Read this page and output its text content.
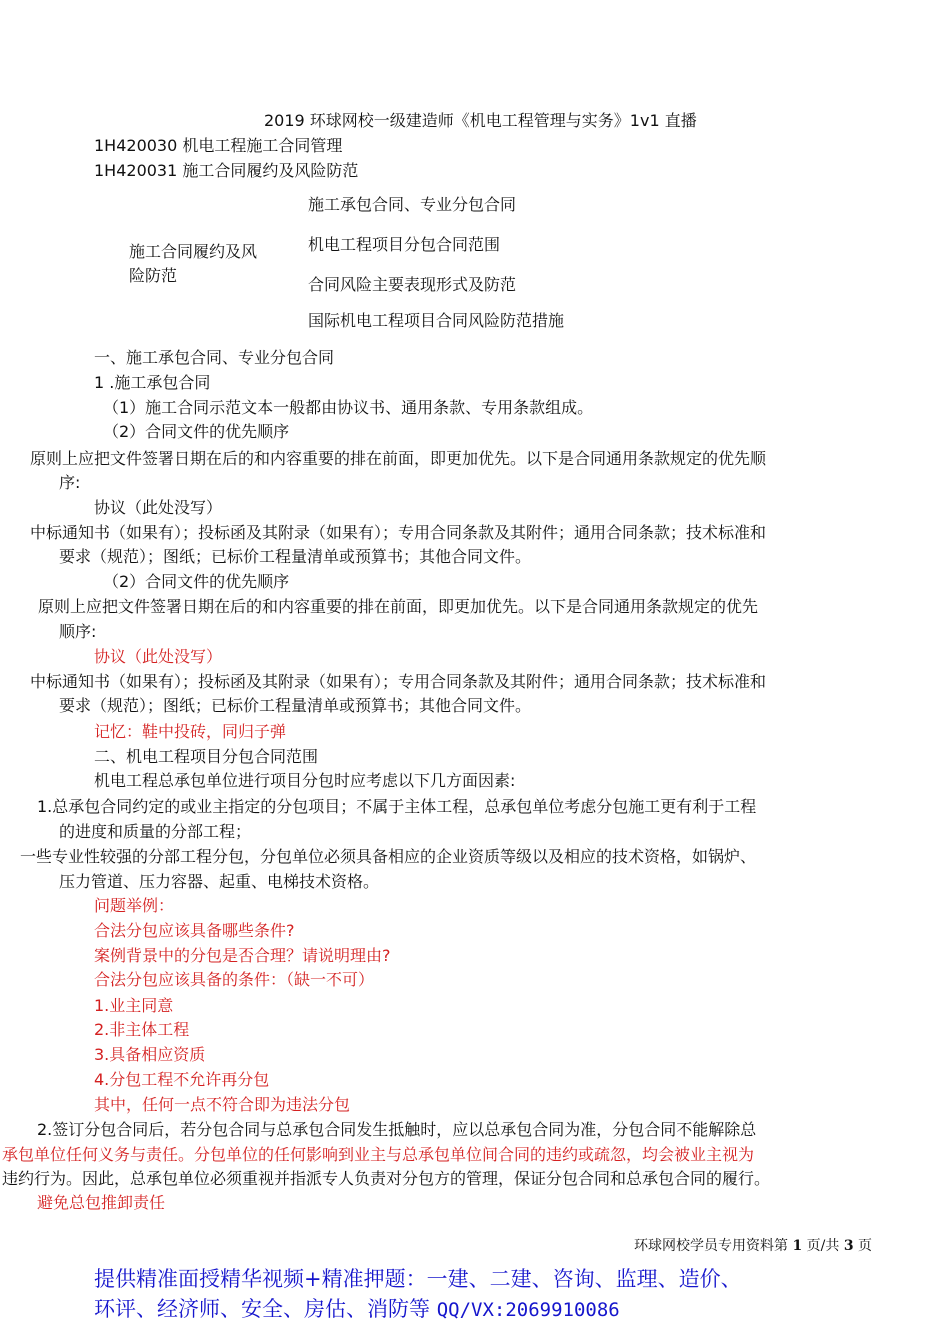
2019 环球网校一级建造师《机电工程管理与实务》1v1 直播
1H420030 机电工程施工合同管理
1H420031 施工合同履约及风险防范
施工合同履约及风
险防范
施工承包合同、专业分包合同
机电工程项目分包合同范围
合同风险主要表现形式及防范
国际机电工程项目合同风险防范措施
一、施工承包合同、专业分包合同
1 .施工承包合同
（1）施工合同示范文本一般都由协议书、通用条款、专用条款组成。
（2）合同文件的优先顺序
原则上应把文件签署日期在后的和内容重要的排在前面，即更加优先。以下是合同通用条款规定的优先顺
序:
协议（此处没写）
中标通知书（如果有）；投标函及其附录（如果有）；专用合同条款及其附件；通用合同条款；技术标准和
要求（规范）；图纸；已标价工程量清单或预算书；其他合同文件。
（2）合同文件的优先顺序
原则上应把文件签署日期在后的和内容重要的排在前面，即更加优先。以下是合同通用条款规定的优先
顺序:
协议（此处没写）
中标通知书（如果有）；投标函及其附录（如果有）；专用合同条款及其附件；通用合同条款；技术标准和
要求（规范）；图纸；已标价工程量清单或预算书；其他合同文件。
记忆：鞋中投砖，同归子弹
二、机电工程项目分包合同范围
机电工程总承包单位进行项目分包时应考虑以下几方面因素:
1.总承包合同约定的或业主指定的分包项目；不属于主体工程，总承包单位考虑分包施工更有利于工程
的进度和质量的分部工程；
一些专业性较强的分部工程分包，分包单位必须具备相应的企业资质等级以及相应的技术资格，如锅炉、
压力管道、压力容器、起重、电梯技术资格。
问题举例：
合法分包应该具备哪些条件?
案例背景中的分包是否合理？请说明理由?
合法分包应该具备的条件：（缺一不可）
1.业主同意
2.非主体工程
3.具备相应资质
4.分包工程不允许再分包
其中，任何一点不符合即为违法分包
2.签订分包合同后，若分包合同与总承包合同发生抵触时，应以总承包合同为准，分包合同不能解除总
承包单位任何义务与责任。分包单位的任何影响到业主与总承包单位间合同的违约或疏忽，均会被业主视为
违约行为。因此，总承包单位必须重视并指派专人负责对分包方的管理，保证分包合同和总承包合同的履行。
避免总包推卸责任
环球网校学员专用资料第 1 页/共 3 页
提供精准面授精华视频+精准押题：一建、二建、咨询、监理、造价、
环评、经济师、安全、房估、消防等 QQ/VX:2069910086
